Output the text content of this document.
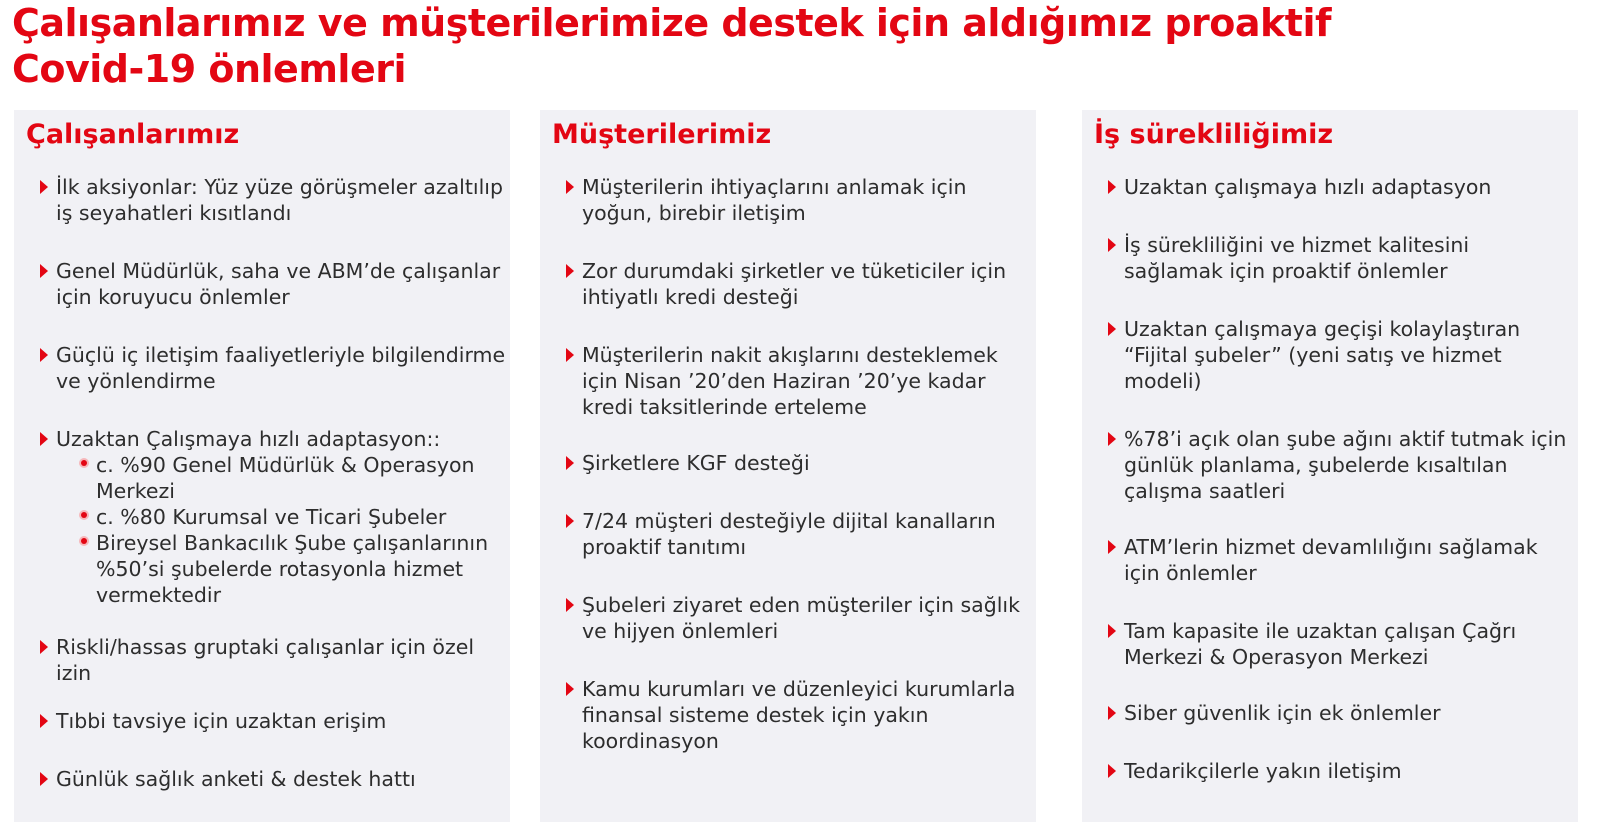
Çalışanlarımız ve müşterilerimize destek için aldığımız proaktif
Covid-19 önlemleri
Çalışanlarımız
İlk aksiyonlar: Yüz yüze görüşmeler azaltılıp iş seyahatleri kısıtlandı
Genel Müdürlük, saha ve ABM’de çalışanlar için koruyucu önlemler
Güçlü iç iletişim faaliyetleriyle bilgilendirme ve yönlendirme
Uzaktan Çalışmaya hızlı adaptasyon::
c. %90 Genel Müdürlük & Operasyon Merkezi
c. %80 Kurumsal ve Ticari Şubeler
Bireysel Bankacılık Şube çalışanlarının %50’si şubelerde rotasyonla hizmet vermektedir
Riskli/hassas gruptaki çalışanlar için özel izin
Tıbbi tavsiye için uzaktan erişim
Günlük sağlık anketi & destek hattı
Müşterilerimiz
Müşterilerin ihtiyaçlarını anlamak için yoğun, birebir iletişim
Zor durumdaki şirketler ve tüketiciler için ihtiyatlı kredi desteği
Müşterilerin nakit akışlarını desteklemek için Nisan ’20’den Haziran ’20’ye kadar kredi taksitlerinde erteleme
Şirketlere KGF desteği
7/24 müşteri desteğiyle dijital kanalların proaktif tanıtımı
Şubeleri ziyaret eden müşteriler için sağlık ve hijyen önlemleri
Kamu kurumları ve düzenleyici kurumlarla finansal sisteme destek için yakın koordinasyon
İş sürekliliğimiz
Uzaktan çalışmaya hızlı adaptasyon
İş sürekliliğini ve hizmet kalitesini sağlamak için proaktif önlemler
Uzaktan çalışmaya geçişi kolaylaştıran “Fijital şubeler” (yeni satış ve hizmet modeli)
%78’i açık olan şube ağını aktif tutmak için günlük planlama, şubelerde kısaltılan çalışma saatleri
ATM’lerin hizmet devamlılığını sağlamak için önlemler
Tam kapasite ile uzaktan çalışan Çağrı Merkezi & Operasyon Merkezi
Siber güvenlik için ek önlemler
Tedarikçilerle yakın iletişim
